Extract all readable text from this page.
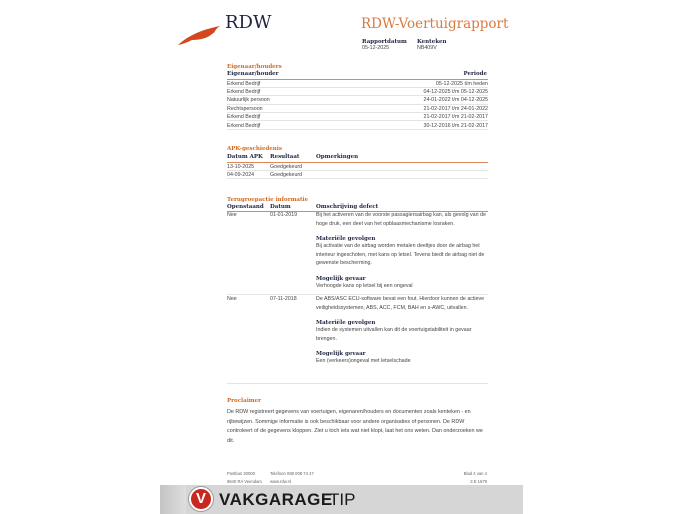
RDW	RDW-Voertuigrapport
Rapportdatum
05-12-2025
Kenteken
NB409V
Eigenaar/houders
Eigenaar/houder	Periode
Erkend Bedrijf	05-12-2025 t/m heden
Erkend Bedrijf	04-12-2025 t/m 05-12-2025
Natuurlijk persoon	24-01-2022 t/m 04-12-2025
Rechtspersoon	21-02-2017 t/m 24-01-2022
Erkend Bedrijf	21-02-2017 t/m 21-02-2017
Erkend Bedrijf	30-12-2016 t/m 21-02-2017
APK-geschiedenis
Datum APK Resultaat	Opmerkingen
13-10-2025	Goedgekeurd
04-09-2024	Goedgekeurd
Terugroepactie informatie
Openstaand Datum	Omschrijving defect
Nee	01-01-2019	Bij het activeren van de voorste passagiersairbag kan, als gevolg van de hoge druk, een deel van het opblaasmechanisme losraken.
Materiële gevolgen
Bij activatie van de airbag worden metalen deeltjes door de airbag het interieur ingeschoten, met kans op letsel. Tevens biedt de airbag niet de gewenste bescherming.
Mogelijk gevaar
Verhoogde kans op letsel bij een ongeval
Nee	07-11-2018	De ABS/ASC ECU-software bevat een fout. Hierdoor kunnen de actieve veiligheidssystemen, ABS, ACC, FCM, BAH en s-AWC, uitvallen.
Materiële gevolgen
Indien de systemen uitvallen kan dit de voertuigstabiliteit in gevaar brengen.
Mogelijk gevaar
Een (verkeers)ongeval met letselschade
Proclaimer
De RDW registreert gegevens van voertuigen, eigenaren/houders en documenten zoals kenteken - en rijbewijzen. Sommige informatie is ook beschikbaar voor andere organisaties of personen. De RDW controleert of de gegevens kloppen. Ziet u toch iets wat niet klopt, laat het ons weten. Dan onderzoeken we dit.
Postbus 30000
9640 RA Veendam
Telefoon 088 008 74 47
www.rdw.nl
Blad 4 van 4
3 E 1679
V VAKGARAGE
TIP
